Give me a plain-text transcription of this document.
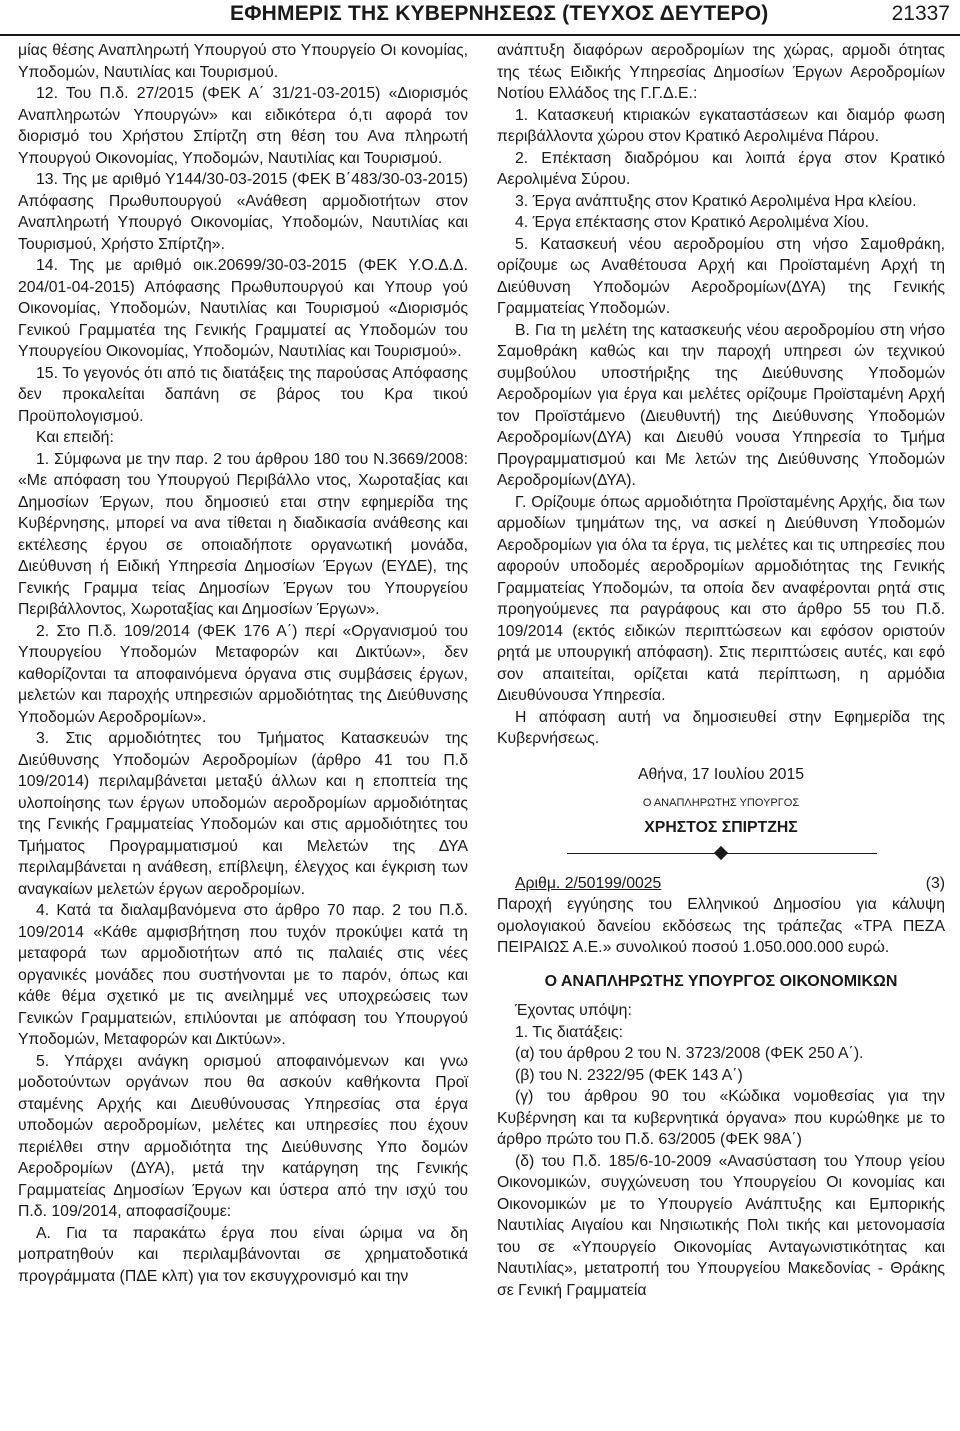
ΕΦΗΜΕΡΙΣ ΤΗΣ ΚΥΒΕΡΝΗΣΕΩΣ (ΤΕΥΧΟΣ ΔΕΥΤΕΡΟ)	21337

μίας θέσης Αναπληρωτή Υπουργού στο Υπουργείο Οι κονομίας, Υποδομών, Ναυτιλίας και Τουρισμού.

12. Του Π.δ. 27/2015 (ΦΕΚ Α΄ 31/21-03-2015) «Διορισμός Αναπληρωτών Υπουργών» και ειδικότερα ό,τι αφορά τον διορισμό του Χρήστου Σπίρτζη στη θέση του Ανα πληρωτή Υπουργού Οικονομίας, Υποδομών, Ναυτιλίας και Τουρισμού.

13. Της με αριθμό Υ144/30-03-2015 (ΦΕΚ Β΄483/30-03-2015) Απόφασης Πρωθυπουργού «Ανάθεση αρμοδιοτήτων στον Αναπληρωτή Υπουργό Οικονομίας, Υποδομών, Ναυτιλίας και Τουρισμού, Χρήστο Σπίρτζη».

14. Της με αριθμό οικ.20699/30-03-2015 (ΦΕΚ Υ.Ο.Δ.Δ. 204/01-04-2015) Απόφασης Πρωθυπουργού και Υπουρ γού Οικονομίας, Υποδομών, Ναυτιλίας και Τουρισμού «Διορισμός Γενικού Γραμματέα της Γενικής Γραμματεί ας Υποδομών του Υπουργείου Οικονομίας, Υποδομών, Ναυτιλίας και Τουρισμού».

15. Το γεγονός ότι από τις διατάξεις της παρούσας Απόφασης δεν προκαλείται δαπάνη σε βάρος του Κρα τικού Προϋπολογισμού.

Και επειδή:

1. Σύμφωνα με την παρ. 2 του άρθρου 180 του Ν.3669/2008: «Με απόφαση του Υπουργού Περιβάλλο ντος, Χωροταξίας και Δημοσίων Έργων, που δημοσιεύ εται στην εφημερίδα της Κυβέρνησης, μπορεί να ανα τίθεται η διαδικασία ανάθεσης και εκτέλεσης έργου σε οποιαδήποτε οργανωτική μονάδα, Διεύθυνση ή Ειδική Υπηρεσία Δημοσίων Έργων (ΕΥΔΕ), της Γενικής Γραμμα τείας Δημοσίων Έργων του Υπουργείου Περιβάλλοντος, Χωροταξίας και Δημοσίων Έργων».

2. Στο Π.δ. 109/2014 (ΦΕΚ 176 Α΄) περί «Οργανισμού του Υπουργείου Υποδομών Μεταφορών και Δικτύων», δεν καθορίζονται τα αποφαινόμενα όργανα στις συμβάσεις έργων, μελετών και παροχής υπηρεσιών αρμοδιότητας της Διεύθυνσης Υποδομών Αεροδρομίων».

3. Στις αρμοδιότητες του Τμήματος Κατασκευών της Διεύθυνσης Υποδομών Αεροδρομίων (άρθρο 41 του Π.δ 109/2014) περιλαμβάνεται μεταξύ άλλων και η εποπτεία της υλοποίησης των έργων υποδομών αεροδρομίων αρμοδιότητας της Γενικής Γραμματείας Υποδομών και στις αρμοδιότητες του Τμήματος Προγραμματισμού και Μελετών της ΔΥΑ περιλαμβάνεται η ανάθεση, επίβλεψη, έλεγχος και έγκριση των αναγκαίων μελετών έργων αεροδρομίων.

4. Κατά τα διαλαμβανόμενα στο άρθρο 70 παρ. 2 του Π.δ. 109/2014 «Κάθε αμφισβήτηση που τυχόν προκύψει κατά τη μεταφορά των αρμοδιοτήτων από τις παλαιές στις νέες οργανικές μονάδες που συστήνονται με το παρόν, όπως και κάθε θέμα σχετικό με τις ανειλημμέ νες υποχρεώσεις των Γενικών Γραμματειών, επιλύονται με απόφαση του Υπουργού Υποδομών, Μεταφορών και Δικτύων».

5. Υπάρχει ανάγκη ορισμού αποφαινόμενων και γνω μοδοτούντων οργάνων που θα ασκούν καθήκοντα Προϊ σταμένης Αρχής και Διευθύνουσας Υπηρεσίας στα έργα υποδομών αεροδρομίων, μελέτες και υπηρεσίες που έχουν περιέλθει στην αρμοδιότητα της Διεύθυνσης Υπο δομών Αεροδρομίων (ΔΥΑ), μετά την κατάργηση της Γενικής Γραμματείας Δημοσίων Έργων και ύστερα από την ισχύ του Π.δ. 109/2014, αποφασίζουμε:

Α. Για τα παρακάτω έργα που είναι ώριμα να δη μοπρατηθούν και περιλαμβάνονται σε χρηματοδοτικά προγράμματα (ΠΔΕ κλπ) για τον εκσυγχρονισμό και την

ανάπτυξη διαφόρων αεροδρομίων της χώρας, αρμοδι ότητας της τέως Ειδικής Υπηρεσίας Δημοσίων Έργων Αεροδρομίων Νοτίου Ελλάδος της Γ.Γ.Δ.Ε.:

1. Κατασκευή κτιριακών εγκαταστάσεων και διαμόρ φωση περιβάλλοντα χώρου στον Κρατικό Αερολιμένα Πάρου.

2. Επέκταση διαδρόμου και λοιπά έργα στον Κρατικό Αερολιμένα Σύρου.

3. Έργα ανάπτυξης στον Κρατικό Αερολιμένα Ηρα κλείου.

4. Έργα επέκτασης στον Κρατικό Αερολιμένα Χίου.

5. Κατασκευή νέου αεροδρομίου στη νήσο Σαμοθράκη, ορίζουμε ως Αναθέτουσα Αρχή και Προϊσταμένη Αρχή τη Διεύθυνση Υποδομών Αεροδρομίων(ΔΥΑ) της Γενικής Γραμματείας Υποδομών.

Β. Για τη μελέτη της κατασκευής νέου αεροδρομίου στη νήσο Σαμοθράκη καθώς και την παροχή υπηρεσι ών τεχνικού συμβούλου υποστήριξης της Διεύθυνσης Υποδομών Αεροδρομίων για έργα και μελέτες ορίζουμε Προϊσταμένη Αρχή τον Προϊστάμενο (Διευθυντή) της Διεύθυνσης Υποδομών Αεροδρομίων(ΔΥΑ) και Διευθύ νουσα Υπηρεσία το Τμήμα Προγραμματισμού και Με λετών της Διεύθυνσης Υποδομών Αεροδρομίων(ΔΥΑ).

Γ. Ορίζουμε όπως αρμοδιότητα Προϊσταμένης Αρχής, δια των αρμοδίων τμημάτων της, να ασκεί η Διεύθυνση Υποδομών Αεροδρομίων για όλα τα έργα, τις μελέτες και τις υπηρεσίες που αφορούν υποδομές αεροδρομίων αρμοδιότητας της Γενικής Γραμματείας Υποδομών, τα οποία δεν αναφέρονται ρητά στις προηγούμενες πα ραγράφους και στο άρθρο 55 του Π.δ. 109/2014 (εκτός ειδικών περιπτώσεων και εφόσον οριστούν ρητά με υπουργική απόφαση). Στις περιπτώσεις αυτές, και εφό σον απαιτείται, ορίζεται κατά περίπτωση, η αρμόδια Διευθύνουσα Υπηρεσία.

Η απόφαση αυτή να δημοσιευθεί στην Εφημερίδα της Κυβερνήσεως.

Αθήνα, 17 Ιουλίου 2015

Ο ΑΝΑΠΛΗΡΩΤΗΣ ΥΠΟΥΡΓΟΣ

ΧΡΗΣΤΟΣ ΣΠΙΡΤΖΗΣ

Αριθμ. 2/50199/0025	(3)

Παροχή εγγύησης του Ελληνικού Δημοσίου για κάλυψη ομολογιακού δανείου εκδόσεως της τράπεζας «ΤΡΑ ΠΕΖΑ ΠΕΙΡΑΙΩΣ Α.Ε.» συνολικού ποσού 1.050.000.000 ευρώ.

Ο ΑΝΑΠΛΗΡΩΤΗΣ ΥΠΟΥΡΓΟΣ ΟΙΚΟΝΟΜΙΚΩΝ

Έχοντας υπόψη:

1. Τις διατάξεις:

(α) του άρθρου 2 του Ν. 3723/2008 (ΦΕΚ 250 Α΄).

(β) του Ν. 2322/95 (ΦΕΚ 143 Α΄)

(γ) του άρθρου 90 του «Κώδικα νομοθεσίας για την Κυβέρνηση και τα κυβερνητικά όργανα» που κυρώθηκε με το άρθρο πρώτο του Π.δ. 63/2005 (ΦΕΚ 98Α΄)

(δ) του Π.δ. 185/6-10-2009 «Ανασύσταση του Υπουρ γείου Οικονομικών, συγχώνευση του Υπουργείου Οι κονομίας και Οικονομικών με το Υπουργείο Ανάπτυξης και Εμπορικής Ναυτιλίας Αιγαίου και Νησιωτικής Πολι τικής και μετονομασία του σε «Υπουργείο Οικονομίας Ανταγωνιστικότητας και Ναυτιλίας», μετατροπή του Υπουργείου Μακεδονίας - Θράκης σε Γενική Γραμματεία
